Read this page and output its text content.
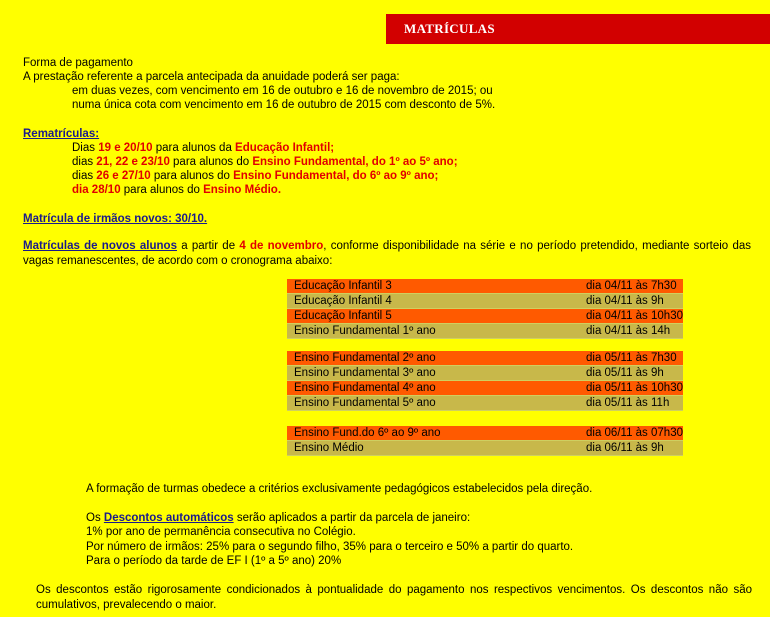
MATRÍCULAS
Forma de pagamento
A prestação referente a parcela antecipada da anuidade poderá ser paga:
em duas vezes, com vencimento em 16 de outubro e 16 de novembro de 2015; ou
numa única cota com vencimento em 16 de outubro de 2015 com desconto de 5%.
Rematrículas:
Dias 19 e 20/10 para alunos da Educação Infantil;
dias 21, 22 e 23/10 para alunos do Ensino Fundamental, do 1º ao 5º ano;
dias 26 e 27/10 para alunos do Ensino Fundamental, do 6º ao 9º ano;
dia 28/10 para alunos do Ensino Médio.
Matrícula de irmãos novos: 30/10.
Matrículas de novos alunos a partir de 4 de novembro, conforme disponibilidade na série e no período pretendido, mediante sorteio das vagas remanescentes, de acordo com o cronograma abaixo:
Educação Infantil 3		dia 04/11 às 7h30
Educação Infantil 4		dia 04/11 às 9h
Educação Infantil 5		dia 04/11 às 10h30
Ensino Fundamental 1º ano		dia 04/11 às 14h
Ensino Fundamental 2º ano		dia 05/11 às 7h30
Ensino Fundamental 3º ano		dia 05/11 às 9h
Ensino Fundamental 4º ano		dia 05/11 às 10h30
Ensino Fundamental 5º ano		dia 05/11 às 11h
Ensino Fund.do 6º ao 9º ano		dia 06/11 às 07h30
Ensino Médio		dia 06/11 às 9h
A formação de turmas obedece a critérios exclusivamente pedagógicos estabelecidos pela direção.
Os Descontos automáticos serão aplicados a partir da parcela de janeiro:
1% por ano de permanência consecutiva no Colégio.
Por número de irmãos: 25% para o segundo filho, 35% para o terceiro e 50% a partir do quarto.
Para o período da tarde de EF I (1º a 5º ano) 20%
Os descontos estão rigorosamente condicionados à pontualidade do pagamento nos respectivos vencimentos. Os descontos não são cumulativos, prevalecendo o maior.
